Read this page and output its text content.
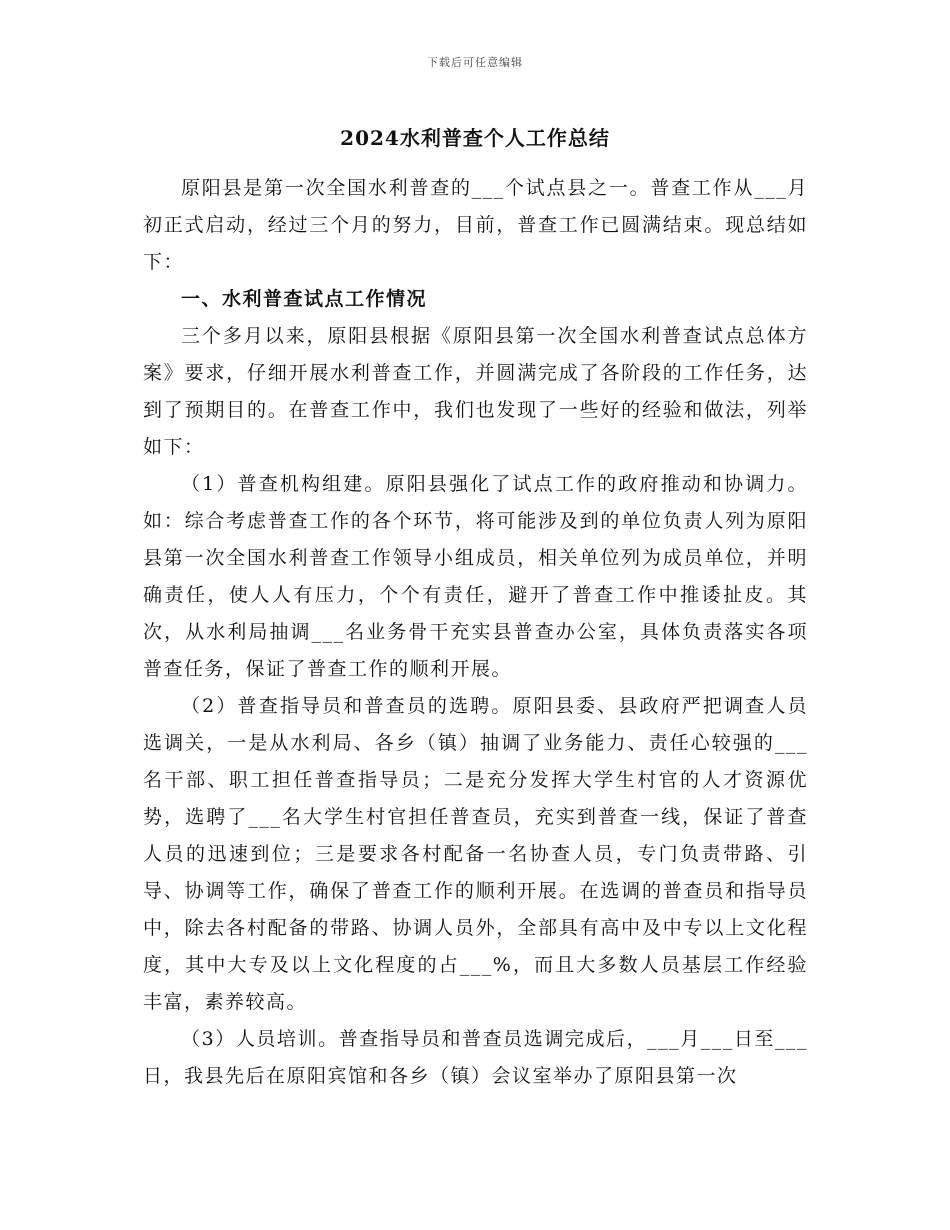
下载后可任意编辑
2024水利普查个人工作总结

原阳县是第一次全国水利普查的___个试点县之一。普查工作从___月初正式启动，经过三个月的努力，目前，普查工作已圆满结束。现总结如下：

一、水利普查试点工作情况

三个多月以来，原阳县根据《原阳县第一次全国水利普查试点总体方案》要求，仔细开展水利普查工作，并圆满完成了各阶段的工作任务，达到了预期目的。在普查工作中，我们也发现了一些好的经验和做法，列举如下：

（1）普查机构组建。原阳县强化了试点工作的政府推动和协调力。如：综合考虑普查工作的各个环节，将可能涉及到的单位负责人列为原阳县第一次全国水利普查工作领导小组成员，相关单位列为成员单位，并明确责任，使人人有压力，个个有责任，避开了普查工作中推诿扯皮。其次，从水利局抽调___名业务骨干充实县普查办公室，具体负责落实各项普查任务，保证了普查工作的顺利开展。

（2）普查指导员和普查员的选聘。原阳县委、县政府严把调查人员选调关，一是从水利局、各乡（镇）抽调了业务能力、责任心较强的___名干部、职工担任普查指导员；二是充分发挥大学生村官的人才资源优势，选聘了___名大学生村官担任普查员，充实到普查一线，保证了普查人员的迅速到位；三是要求各村配备一名协查人员，专门负责带路、引导、协调等工作，确保了普查工作的顺利开展。在选调的普查员和指导员中，除去各村配备的带路、协调人员外，全部具有高中及中专以上文化程度，其中大专及以上文化程度的占___%，而且大多数人员基层工作经验丰富，素养较高。

（3）人员培训。普查指导员和普查员选调完成后，___月___日至___日，我县先后在原阳宾馆和各乡（镇）会议室举办了原阳县第一次
